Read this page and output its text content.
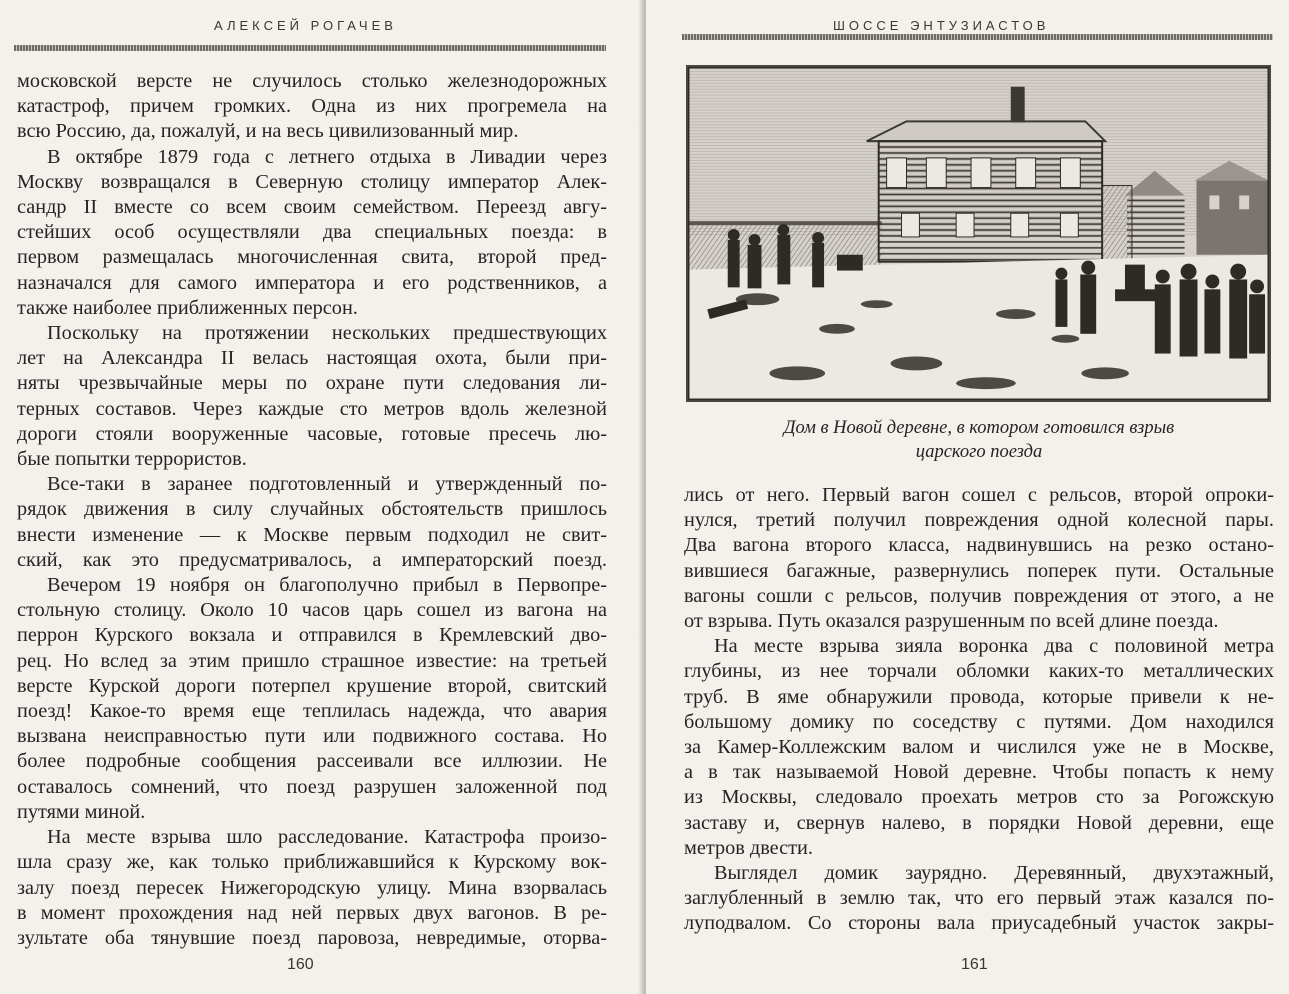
АЛЕКСЕЙ РОГАЧЕВ
московской версте не случилось столько железнодорожных
катастроф, причем громких. Одна из них прогремела на
всю Россию, да, пожалуй, и на весь цивилизованный мир.
В октябре 1879 года с летнего отдыха в Ливадии через
Москву возвращался в Северную столицу император Алек-
сандр II вместе со всем своим семейством. Переезд авгу-
стейших особ осуществляли два специальных поезда: в
первом размещалась многочисленная свита, второй пред-
назначался для самого императора и его родственников, а
также наиболее приближенных персон.
Поскольку на протяжении нескольких предшествующих
лет на Александра II велась настоящая охота, были при-
няты чрезвычайные меры по охране пути следования ли-
терных составов. Через каждые сто метров вдоль железной
дороги стояли вооруженные часовые, готовые пресечь лю-
бые попытки террористов.
Все-таки в заранее подготовленный и утвержденный по-
рядок движения в силу случайных обстоятельств пришлось
внести изменение — к Москве первым подходил не свит-
ский, как это предусматривалось, а императорский поезд.
Вечером 19 ноября он благополучно прибыл в Первопре-
стольную столицу. Около 10 часов царь сошел из вагона на
перрон Курского вокзала и отправился в Кремлевский дво-
рец. Но вслед за этим пришло страшное известие: на третьей
версте Курской дороги потерпел крушение второй, свитский
поезд! Какое-то время еще теплилась надежда, что авария
вызвана неисправностью пути или подвижного состава. Но
более подробные сообщения рассеивали все иллюзии. Не
оставалось сомнений, что поезд разрушен заложенной под
путями миной.
На месте взрыва шло расследование. Катастрофа произо-
шла сразу же, как только приближавшийся к Курскому вок-
залу поезд пересек Нижегородскую улицу. Мина взорвалась
в момент прохождения над ней первых двух вагонов. В ре-
зультате оба тянувшие поезд паровоза, невредимые, оторва-
160
ШОССЕ ЭНТУЗИАСТОВ
Дом в Новой деревне, в котором готовился взрыв
царского поезда
лись от него. Первый вагон сошел с рельсов, второй опроки-
нулся, третий получил повреждения одной колесной пары.
Два вагона второго класса, надвинувшись на резко остано-
вившиеся багажные, развернулись поперек пути. Остальные
вагоны сошли с рельсов, получив повреждения от этого, а не
от взрыва. Путь оказался разрушенным по всей длине поезда.
На месте взрыва зияла воронка два с половиной метра
глубины, из нее торчали обломки каких-то металлических
труб. В яме обнаружили провода, которые привели к не-
большому домику по соседству с путями. Дом находился
за Камер-Коллежским валом и числился уже не в Москве,
а в так называемой Новой деревне. Чтобы попасть к нему
из Москвы, следовало проехать метров сто за Рогожскую
заставу и, свернув налево, в порядки Новой деревни, еще
метров двести.
Выглядел домик заурядно. Деревянный, двухэтажный,
заглубленный в землю так, что его первый этаж казался по-
луподвалом. Со стороны вала приусадебный участок закры-
161
